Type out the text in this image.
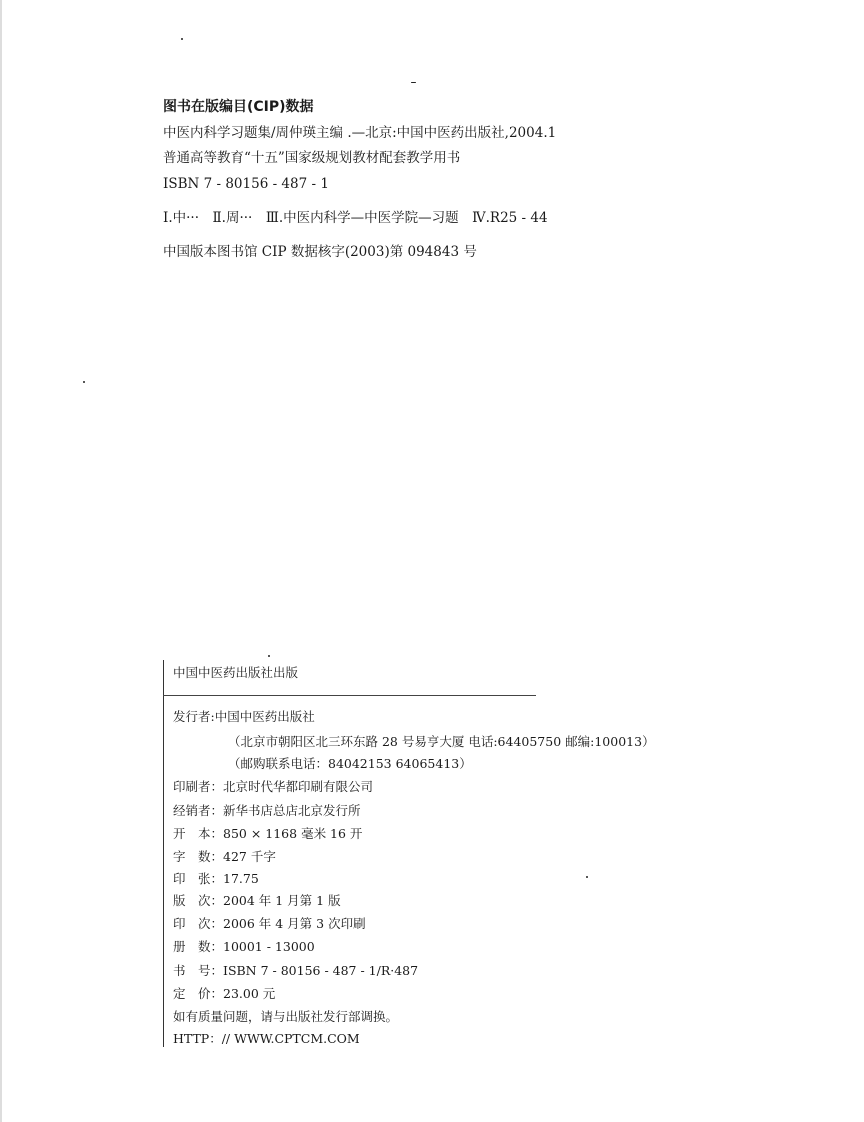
图书在版编目(CIP)数据
中医内科学习题集/周仲瑛主编 .—北京:中国中医药出版社,2004.1
普通高等教育“十五”国家级规划教材配套教学用书
ISBN 7 - 80156 - 487 - 1
Ⅰ.中···　Ⅱ.周···　Ⅲ.中医内科学—中医学院—习题　Ⅳ.R25 - 44
中国版本图书馆 CIP 数据核字(2003)第 094843 号
中国中医药出版社出版
发行者:中国中医药出版社
（北京市朝阳区北三环东路 28 号易亨大厦 电话:64405750 邮编:100013）
（邮购联系电话：84042153 64065413）
印刷者：北京时代华都印刷有限公司
经销者：新华书店总店北京发行所
开　本：850 × 1168 毫米 16 开
字　数：427 千字
印　张：17.75
版　次：2004 年 1 月第 1 版
印　次：2006 年 4 月第 3 次印刷
册　数：10001 - 13000
书　号：ISBN 7 - 80156 - 487 - 1/R·487
定　价：23.00 元
如有质量问题，请与出版社发行部调换。
HTTP：// WWW.CPTCM.COM
